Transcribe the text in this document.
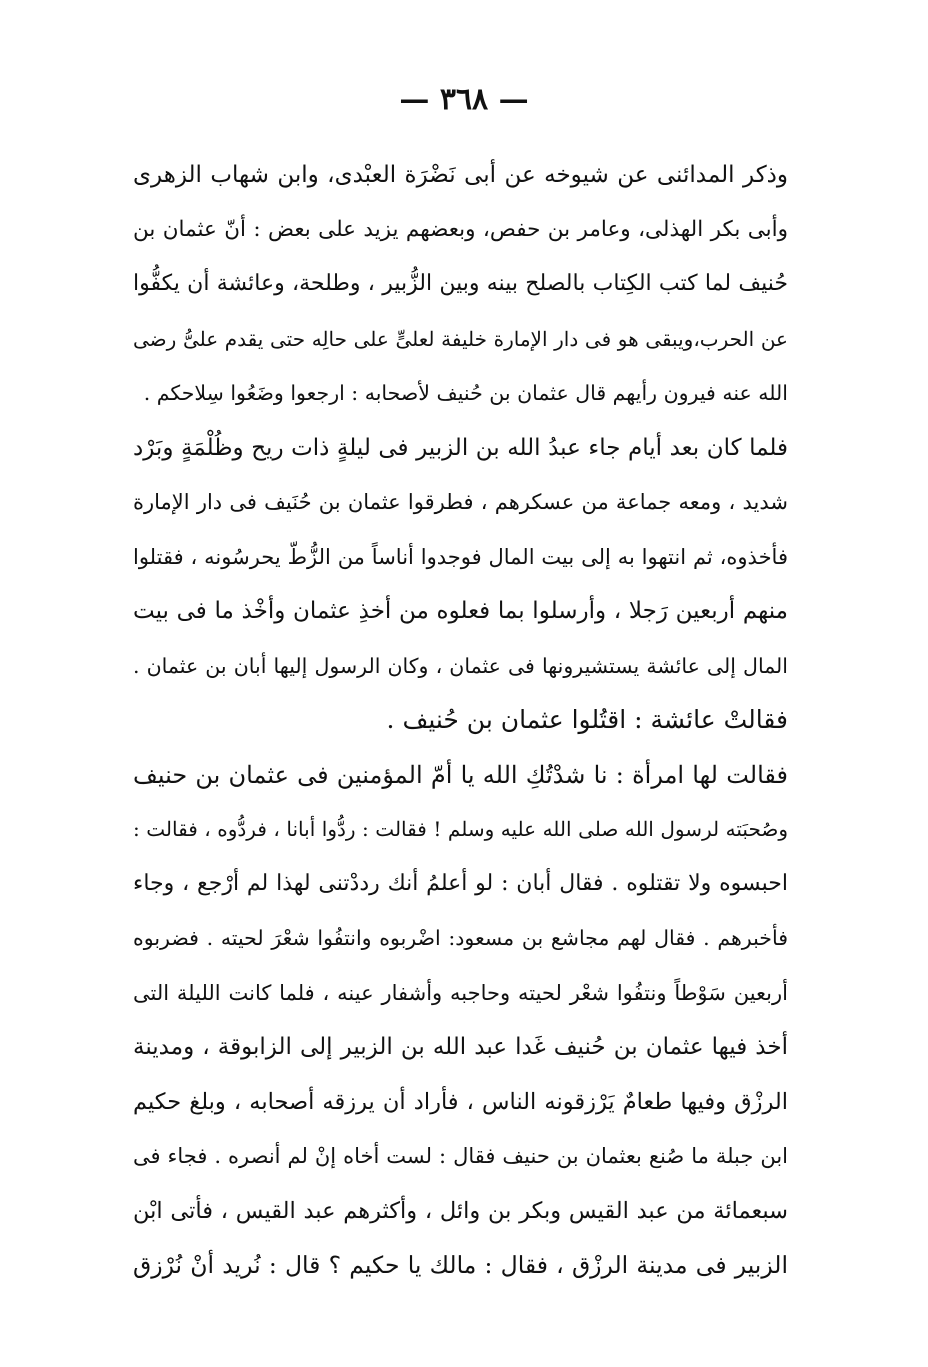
— ٣٦٨ —
وذكر المدائنى عن شيوخه عن أبى نَضْرَة العبْدى، وابن شهاب الزهرى
وأبى بكر الهذلى، وعامر بن حفص، وبعضهم يزيد على بعض : أنّ عثمان بن
حُنيف لما كتب الكِتاب بالصلح بينه وبين الزُّبير ، وطلحة، وعائشة أن يكفُّوا
عن الحرب،ويبقى هو فى دار الإمارة خليفة لعلىٍّ على حالِه حتى يقدم علىُّ رضى
الله عنه فيرون رأيهم قال عثمان بن حُنيف لأصحابه : ارجعوا وضَعُوا سِلاحكم .
فلما كان بعد أيام جاء عبدُ الله بن الزبير فى ليلةٍ ذات ريح وظُلْمَةٍ وبَرْد
شديد ، ومعه جماعة من عسكرهم ، فطرقوا عثمان بن حُنَيف فى دار الإمارة
فأخذوه، ثم انتهوا به إلى بيت المال فوجدوا أناساً من الزُّطّ يحرسُونه ، فقتلوا
منهم أربعين رَجلا ، وأرسلوا بما فعلوه من أخذِ عثمان وأخْذ ما فى بيت
المال إلى عائشة يستشيرونها فى عثمان ، وكان الرسول إليها أبان بن عثمان .
فقالتْ عائشة : اقتُلوا عثمان بن حُنيف .
فقالت لها امرأة : نا شدْتُكِ الله يا أمّ المؤمنين فى عثمان بن حنيف
وصُحبَته لرسول الله صلى الله عليه وسلم ! فقالت : ردُّوا أبانا ، فردُّوه ، فقالت :
احبسوه ولا تقتلوه . فقال أبان : لو أعلمُ أنك رددْتنى لهذا لم أرْجع ، وجاء
فأخبرهم . فقال لهم مجاشع بن مسعود: اضْربوه وانتفُوا شعْرَ لحيته . فضربوه
أربعين سَوْطاً ونتفُوا شعْر لحيته وحاجبه وأشفار عينه ، فلما كانت الليلة التى
أخذ فيها عثمان بن حُنيف غَدا عبد الله بن الزبير إلى الزابوقة ، ومدينة
الرزْق وفيها طعامٌ يَرْزقونه الناس ، فأراد أن يرزقه أصحابه ، وبلغ حكيم
ابن جبلة ما صُنع بعثمان بن حنيف فقال : لست أخاه إنْ لم أنصره . فجاء فى
سبعمائة من عبد القيس وبكر بن وائل ، وأكثرهم عبد القيس ، فأتى ابْن
الزبير فى مدينة الرزْق ، فقال : مالك يا حكيم ؟ قال : نُريد أنْ نُرْزق
